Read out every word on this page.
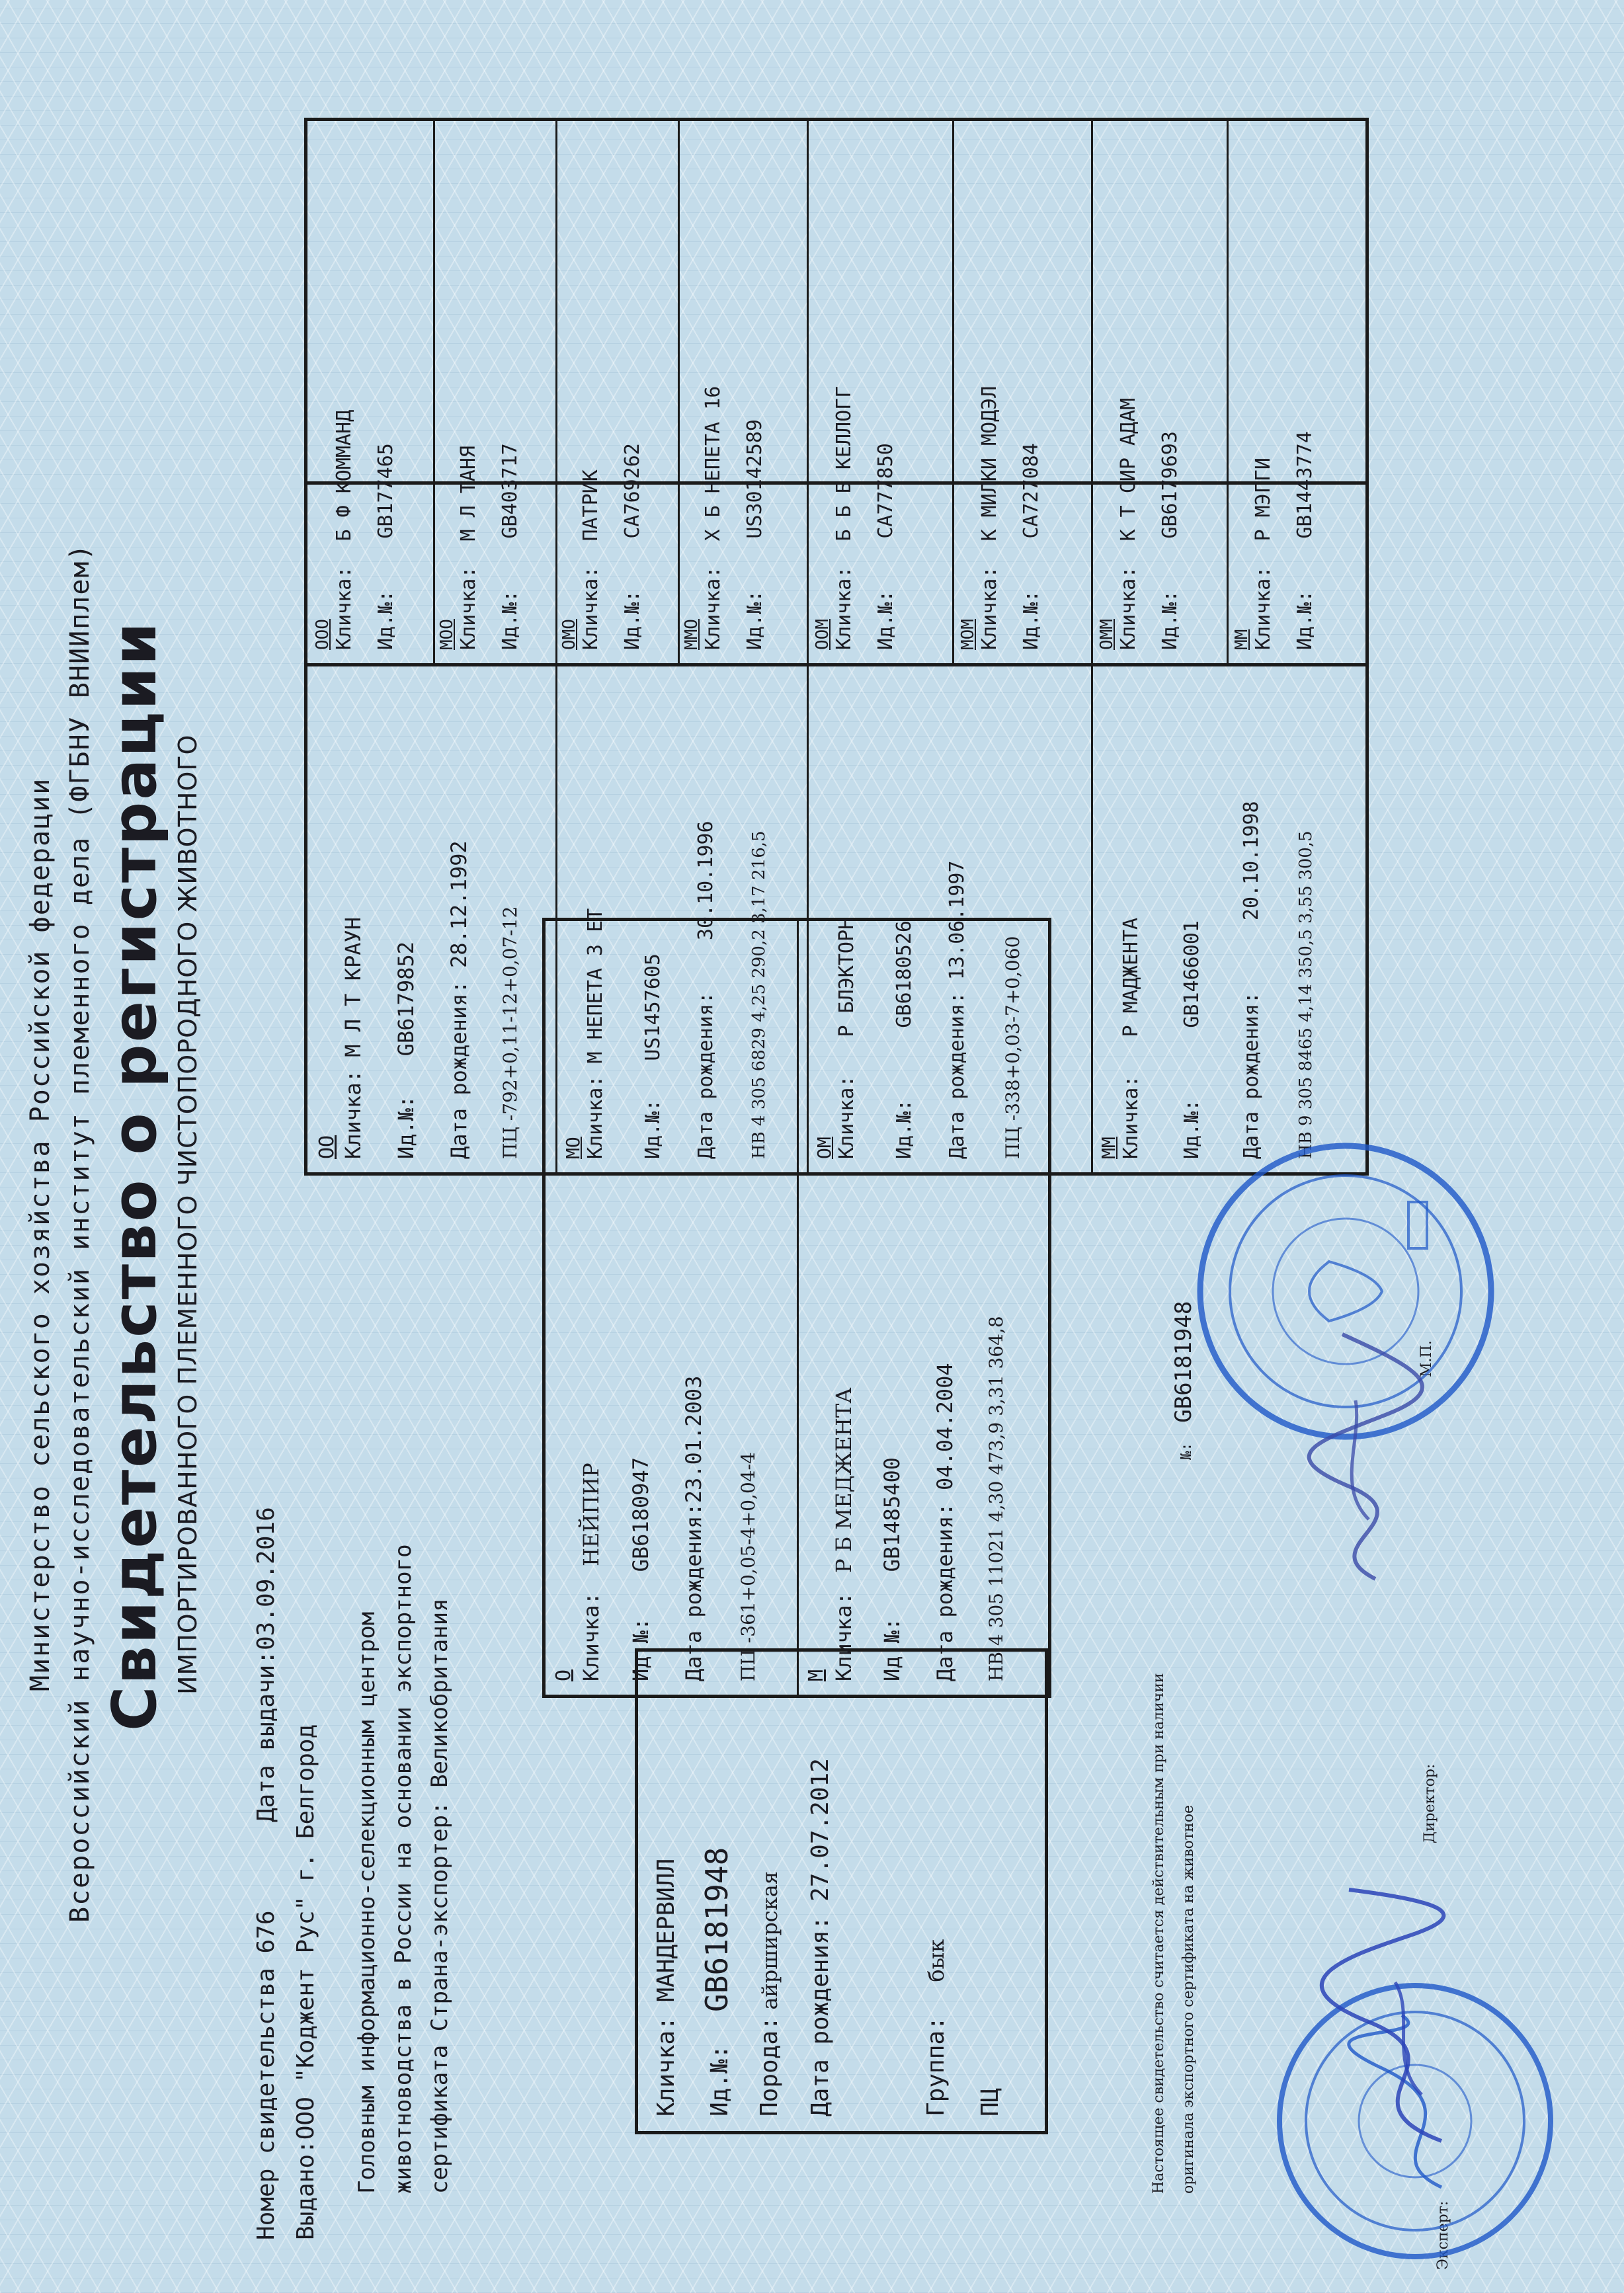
Министерство сельского хозяйства Российской федерации Всероссийский научно-исследовательский институт племенного дела (ФГБНУ ВНИИплем) Свидетельство о регистрации ИМПОРТИРОВАННОГО ПЛЕМЕННОГО ЧИСТОПОРОДНОГО ЖИВОТНОГО
Номер свидетельства 676  Дата выдачи:03.09.2016
Выдано:ООО "Коджент Рус" г. Белгород Головным информационно-селекционным центром животноводства в России на основании экспортного сертификата Страна-экспортер: Великобритания	Кличка: МАНДЕРВИЛЛ
Ид.№: GB6181948
Порода: айрширская Дата рождения: 27.07.2012
Группа: бык
ПЦ
О Кличка: НЕЙПИР
Ид.№: GB6180947 Дата рождения:23.01.2003
ПЦ -361+0,05-4+0,04-4 М Кличка: Р Б МЕДЖЕНТА
Ид.№: GB1485400 Дата рождения: 04.04.2004 НВ 4 305 11021 4,30 473,9 3,31 364,8
ОО Кличка: М Л Т КРАУН
Ид.№: GB6179852 Дата рождения: 28.12.1992
ПЦ -792+0,11-12+0,07-12 МО Кличка: М НЕПЕТА 3 ЕТ
Ид.№: US1457605 Дата рождения: 30.10.1996 НВ 4 305 6829 4,25 290,2 3,17 216,5 ОМ Кличка: Р БЛЭКТОРН
Ид.№: GB6180526
Дата рождения: 13.06.1997
ПЦ -338+0,03-7+0,060	ММ Кличка: Р МАДЖЕНТА
Ид.№: GB1466001
Дата рождения: 20.10.1998 НВ 9 305 8465 4,14 350,5 3,55 300,5
ООО Кличка: Б Ф КОММАНД
Ид.№: GB177465
МОО Кличка: М Л ТАНЯ
Ид.№: GB403717
ОМО Кличка: ПАТРИК
Ид.№: CA769262
ММО Кличка: Х Б НЕПЕТА 16
Ид.№: US30142589
ООМ Кличка: Б Б Б КЕЛЛОГГ
Ид.№: CA777850
МОМ Кличка: К МИЛКИ МОДЭЛ
Ид.№: CA727084
ОММ Кличка: К Т СИР АДАМ
Ид.№: GB6179693
ММ Кличка: Р МЭГГИ
Ид.№: GB1443774
Настоящее свидетельство считается действительным при наличии оригинала экспортного сертификата на животное
№: GB6181948
Эксперт:
Директор:
М.П.
